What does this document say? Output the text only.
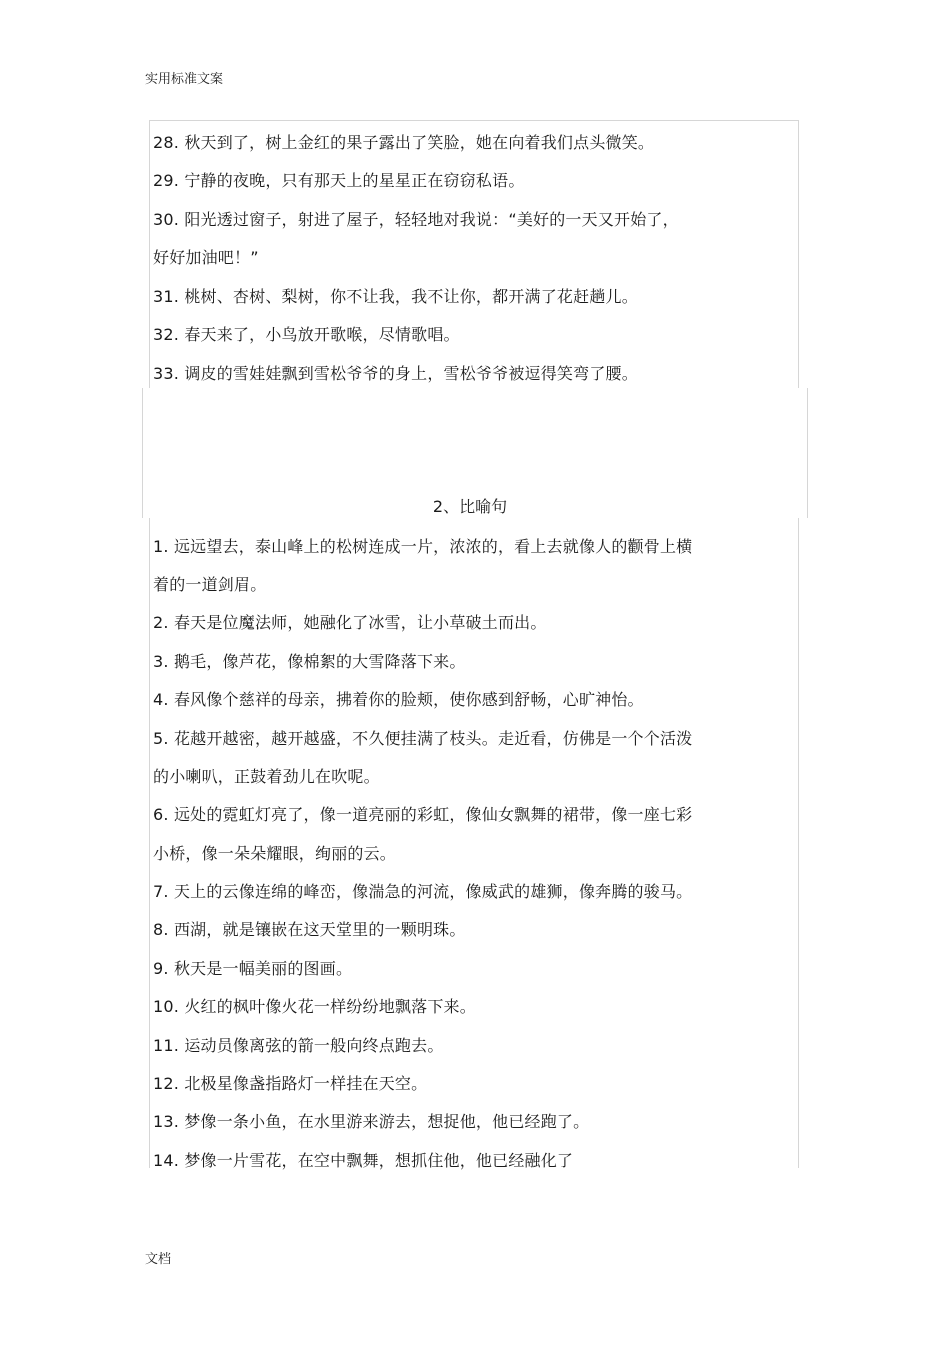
实用标准文案
文档
28. 秋天到了，树上金红的果子露出了笑脸，她在向着我们点头微笑。
29. 宁静的夜晚，只有那天上的星星正在窃窃私语。
30. 阳光透过窗子，射进了屋子，轻轻地对我说：“美好的一天又开始了，
好好加油吧！”
31. 桃树、杏树、梨树，你不让我，我不让你，都开满了花赶趟儿。
32. 春天来了，小鸟放开歌喉，尽情歌唱。
33. 调皮的雪娃娃飘到雪松爷爷的身上，雪松爷爷被逗得笑弯了腰。
2、比喻句
1. 远远望去，泰山峰上的松树连成一片，浓浓的，看上去就像人的颧骨上横
着的一道剑眉。
2. 春天是位魔法师，她融化了冰雪，让小草破土而出。
3. 鹅毛，像芦花，像棉絮的大雪降落下来。
4. 春风像个慈祥的母亲，拂着你的脸颊，使你感到舒畅，心旷神怡。
5. 花越开越密，越开越盛，不久便挂满了枝头。走近看，仿佛是一个个活泼
的小喇叭，正鼓着劲儿在吹呢。
6. 远处的霓虹灯亮了，像一道亮丽的彩虹，像仙女飘舞的裙带，像一座七彩
小桥，像一朵朵耀眼，绚丽的云。
7. 天上的云像连绵的峰峦，像湍急的河流，像威武的雄狮，像奔腾的骏马。
8. 西湖，就是镶嵌在这天堂里的一颗明珠。
9. 秋天是一幅美丽的图画。
10. 火红的枫叶像火花一样纷纷地飘落下来。
11. 运动员像离弦的箭一般向终点跑去。
12. 北极星像盏指路灯一样挂在天空。
13. 梦像一条小鱼，在水里游来游去，想捉他，他已经跑了。
14. 梦像一片雪花，在空中飘舞，想抓住他，他已经融化了
